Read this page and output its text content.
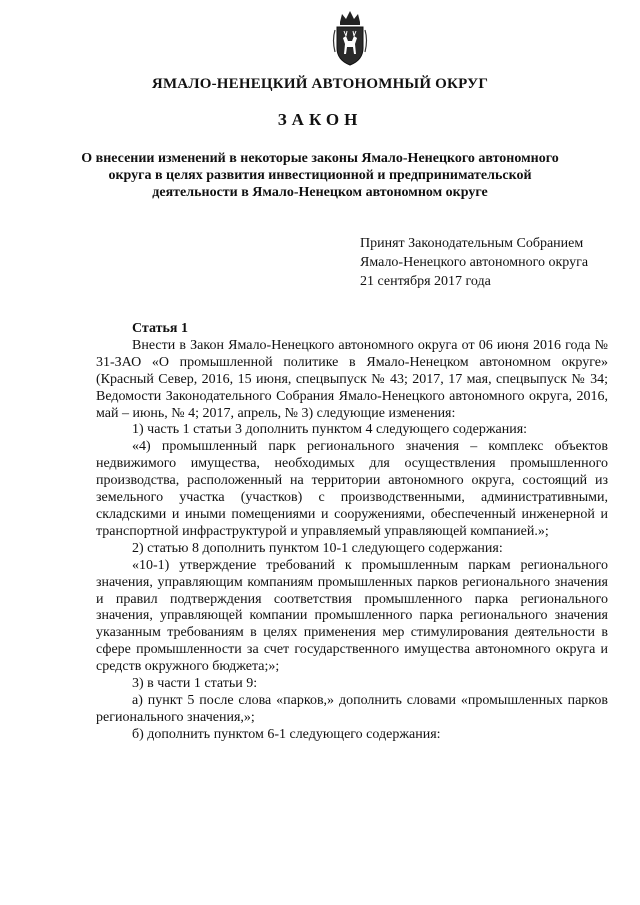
ЯМАЛО-НЕНЕЦКИЙ АВТОНОМНЫЙ ОКРУГ
ЗАКОН
О внесении изменений в некоторые законы Ямало-Ненецкого автономного
округа в целях развития инвестиционной и предпринимательской
деятельности в Ямало-Ненецком автономном округе
Принят Законодательным Собранием
Ямало-Ненецкого автономного округа
21 сентября 2017 года

Статья 1

Внести в Закон Ямало-Ненецкого автономного округа от 06 июня 2016 года № 31-ЗАО «О промышленной политике в Ямало-Ненецком автономном округе» (Красный Север, 2016, 15 июня, спецвыпуск № 43; 2017, 17 мая, спецвыпуск № 34; Ведомости Законодательного Собрания Ямало-Ненецкого автономного округа, 2016, май – июнь, № 4; 2017, апрель, № 3) следующие изменения:

1) часть 1 статьи 3 дополнить пунктом 4 следующего содержания:

«4) промышленный парк регионального значения – комплекс объектов недвижимого имущества, необходимых для осуществления промышленного производства, расположенный на территории автономного округа, состоящий из земельного участка (участков) с производственными, административными, складскими и иными помещениями и сооружениями, обеспеченный инженерной и транспортной инфраструктурой и управляемый управляющей компанией.»;

2) статью 8 дополнить пунктом 10-1 следующего содержания:

«10-1) утверждение требований к промышленным паркам регионального значения, управляющим компаниям промышленных парков регионального значения и правил подтверждения соответствия промышленного парка регионального значения, управляющей компании промышленного парка регионального значения указанным требованиям в целях применения мер стимулирования деятельности в сфере промышленности за счет государственного имущества автономного округа и средств окружного бюджета;»;

3) в части 1 статьи 9:

а) пункт 5 после слова «парков,» дополнить словами «промышленных парков регионального значения,»;

б) дополнить пунктом 6-1 следующего содержания:
